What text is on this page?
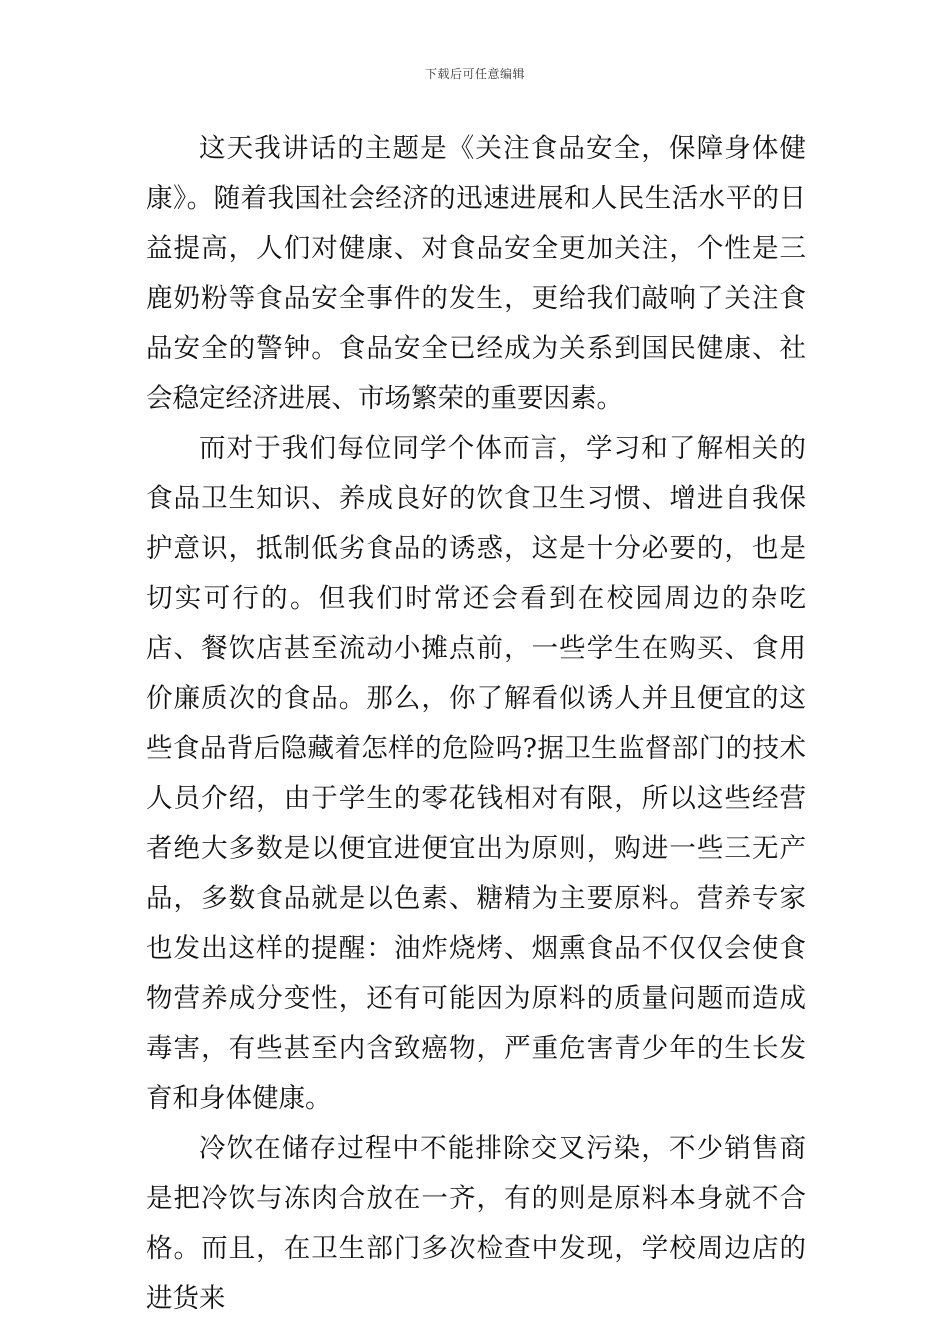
下载后可任意编辑

这天我讲话的主题是《关注食品安全，保障身体健康》。随着我国社会经济的迅速进展和人民生活水平的日益提高，人们对健康、对食品安全更加关注，个性是三鹿奶粉等食品安全事件的发生，更给我们敲响了关注食品安全的警钟。食品安全已经成为关系到国民健康、社会稳定经济进展、市场繁荣的重要因素。

而对于我们每位同学个体而言，学习和了解相关的食品卫生知识、养成良好的饮食卫生习惯、增进自我保护意识，抵制低劣食品的诱惑，这是十分必要的，也是切实可行的。但我们时常还会看到在校园周边的杂吃店、餐饮店甚至流动小摊点前，一些学生在购买、食用价廉质次的食品。那么，你了解看似诱人并且便宜的这些食品背后隐藏着怎样的危险吗?据卫生监督部门的技术人员介绍，由于学生的零花钱相对有限，所以这些经营者绝大多数是以便宜进便宜出为原则，购进一些三无产品，多数食品就是以色素、糖精为主要原料。营养专家也发出这样的提醒：油炸烧烤、烟熏食品不仅仅会使食物营养成分变性，还有可能因为原料的质量问题而造成毒害，有些甚至内含致癌物，严重危害青少年的生长发育和身体健康。

冷饮在储存过程中不能排除交叉污染，不少销售商是把冷饮与冻肉合放在一齐，有的则是原料本身就不合格。而且，在卫生部门多次检查中发现，学校周边店的进货来
